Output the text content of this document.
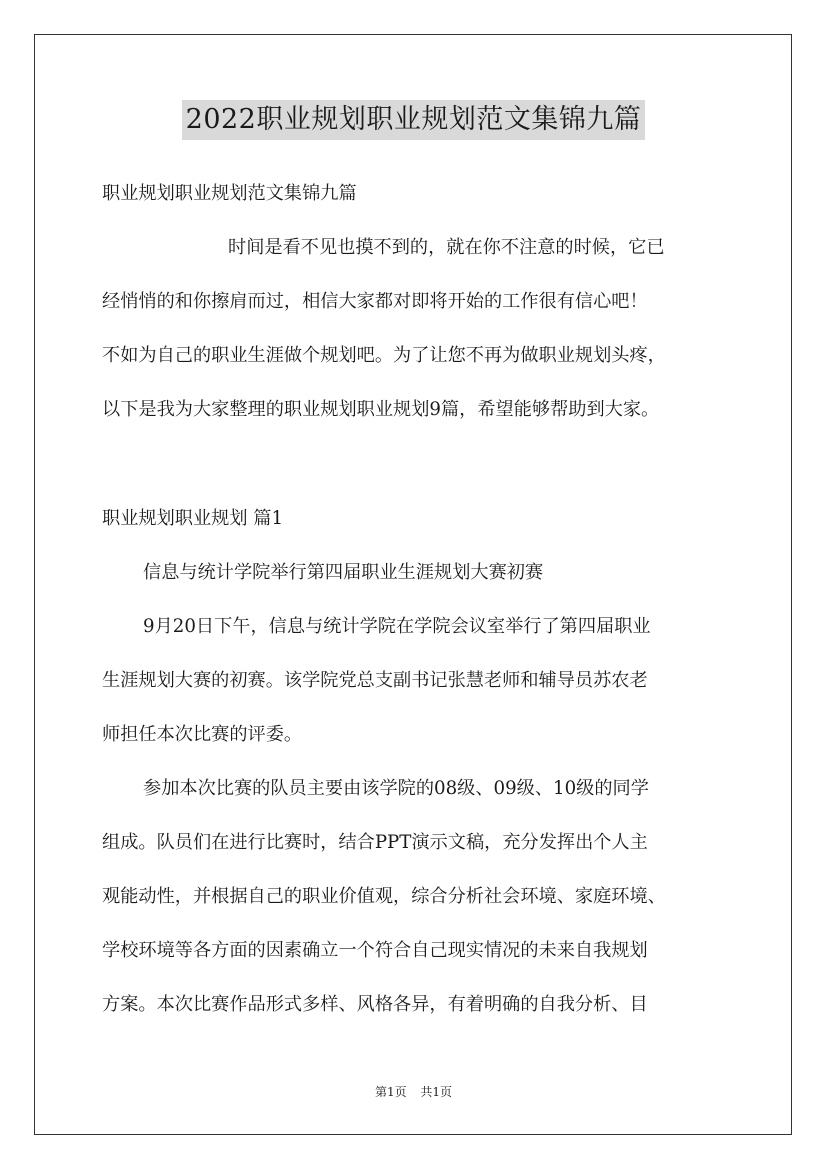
2022职业规划职业规划范文集锦九篇
职业规划职业规划范文集锦九篇
时间是看不见也摸不到的，就在你不注意的时候，它已
经悄悄的和你擦肩而过，相信大家都对即将开始的工作很有信心吧！
不如为自己的职业生涯做个规划吧。为了让您不再为做职业规划头疼，
以下是我为大家整理的职业规划职业规划9篇，希望能够帮助到大家。
职业规划职业规划 篇1
信息与统计学院举行第四届职业生涯规划大赛初赛
9月20日下午，信息与统计学院在学院会议室举行了第四届职业
生涯规划大赛的初赛。该学院党总支副书记张慧老师和辅导员苏农老
师担任本次比赛的评委。
参加本次比赛的队员主要由该学院的08级、09级、10级的同学
组成。队员们在进行比赛时，结合PPT演示文稿，充分发挥出个人主
观能动性，并根据自己的职业价值观，综合分析社会环境、家庭环境、
学校环境等各方面的因素确立一个符合自己现实情况的未来自我规划
方案。本次比赛作品形式多样、风格各异，有着明确的自我分析、目
第1页 共1页
